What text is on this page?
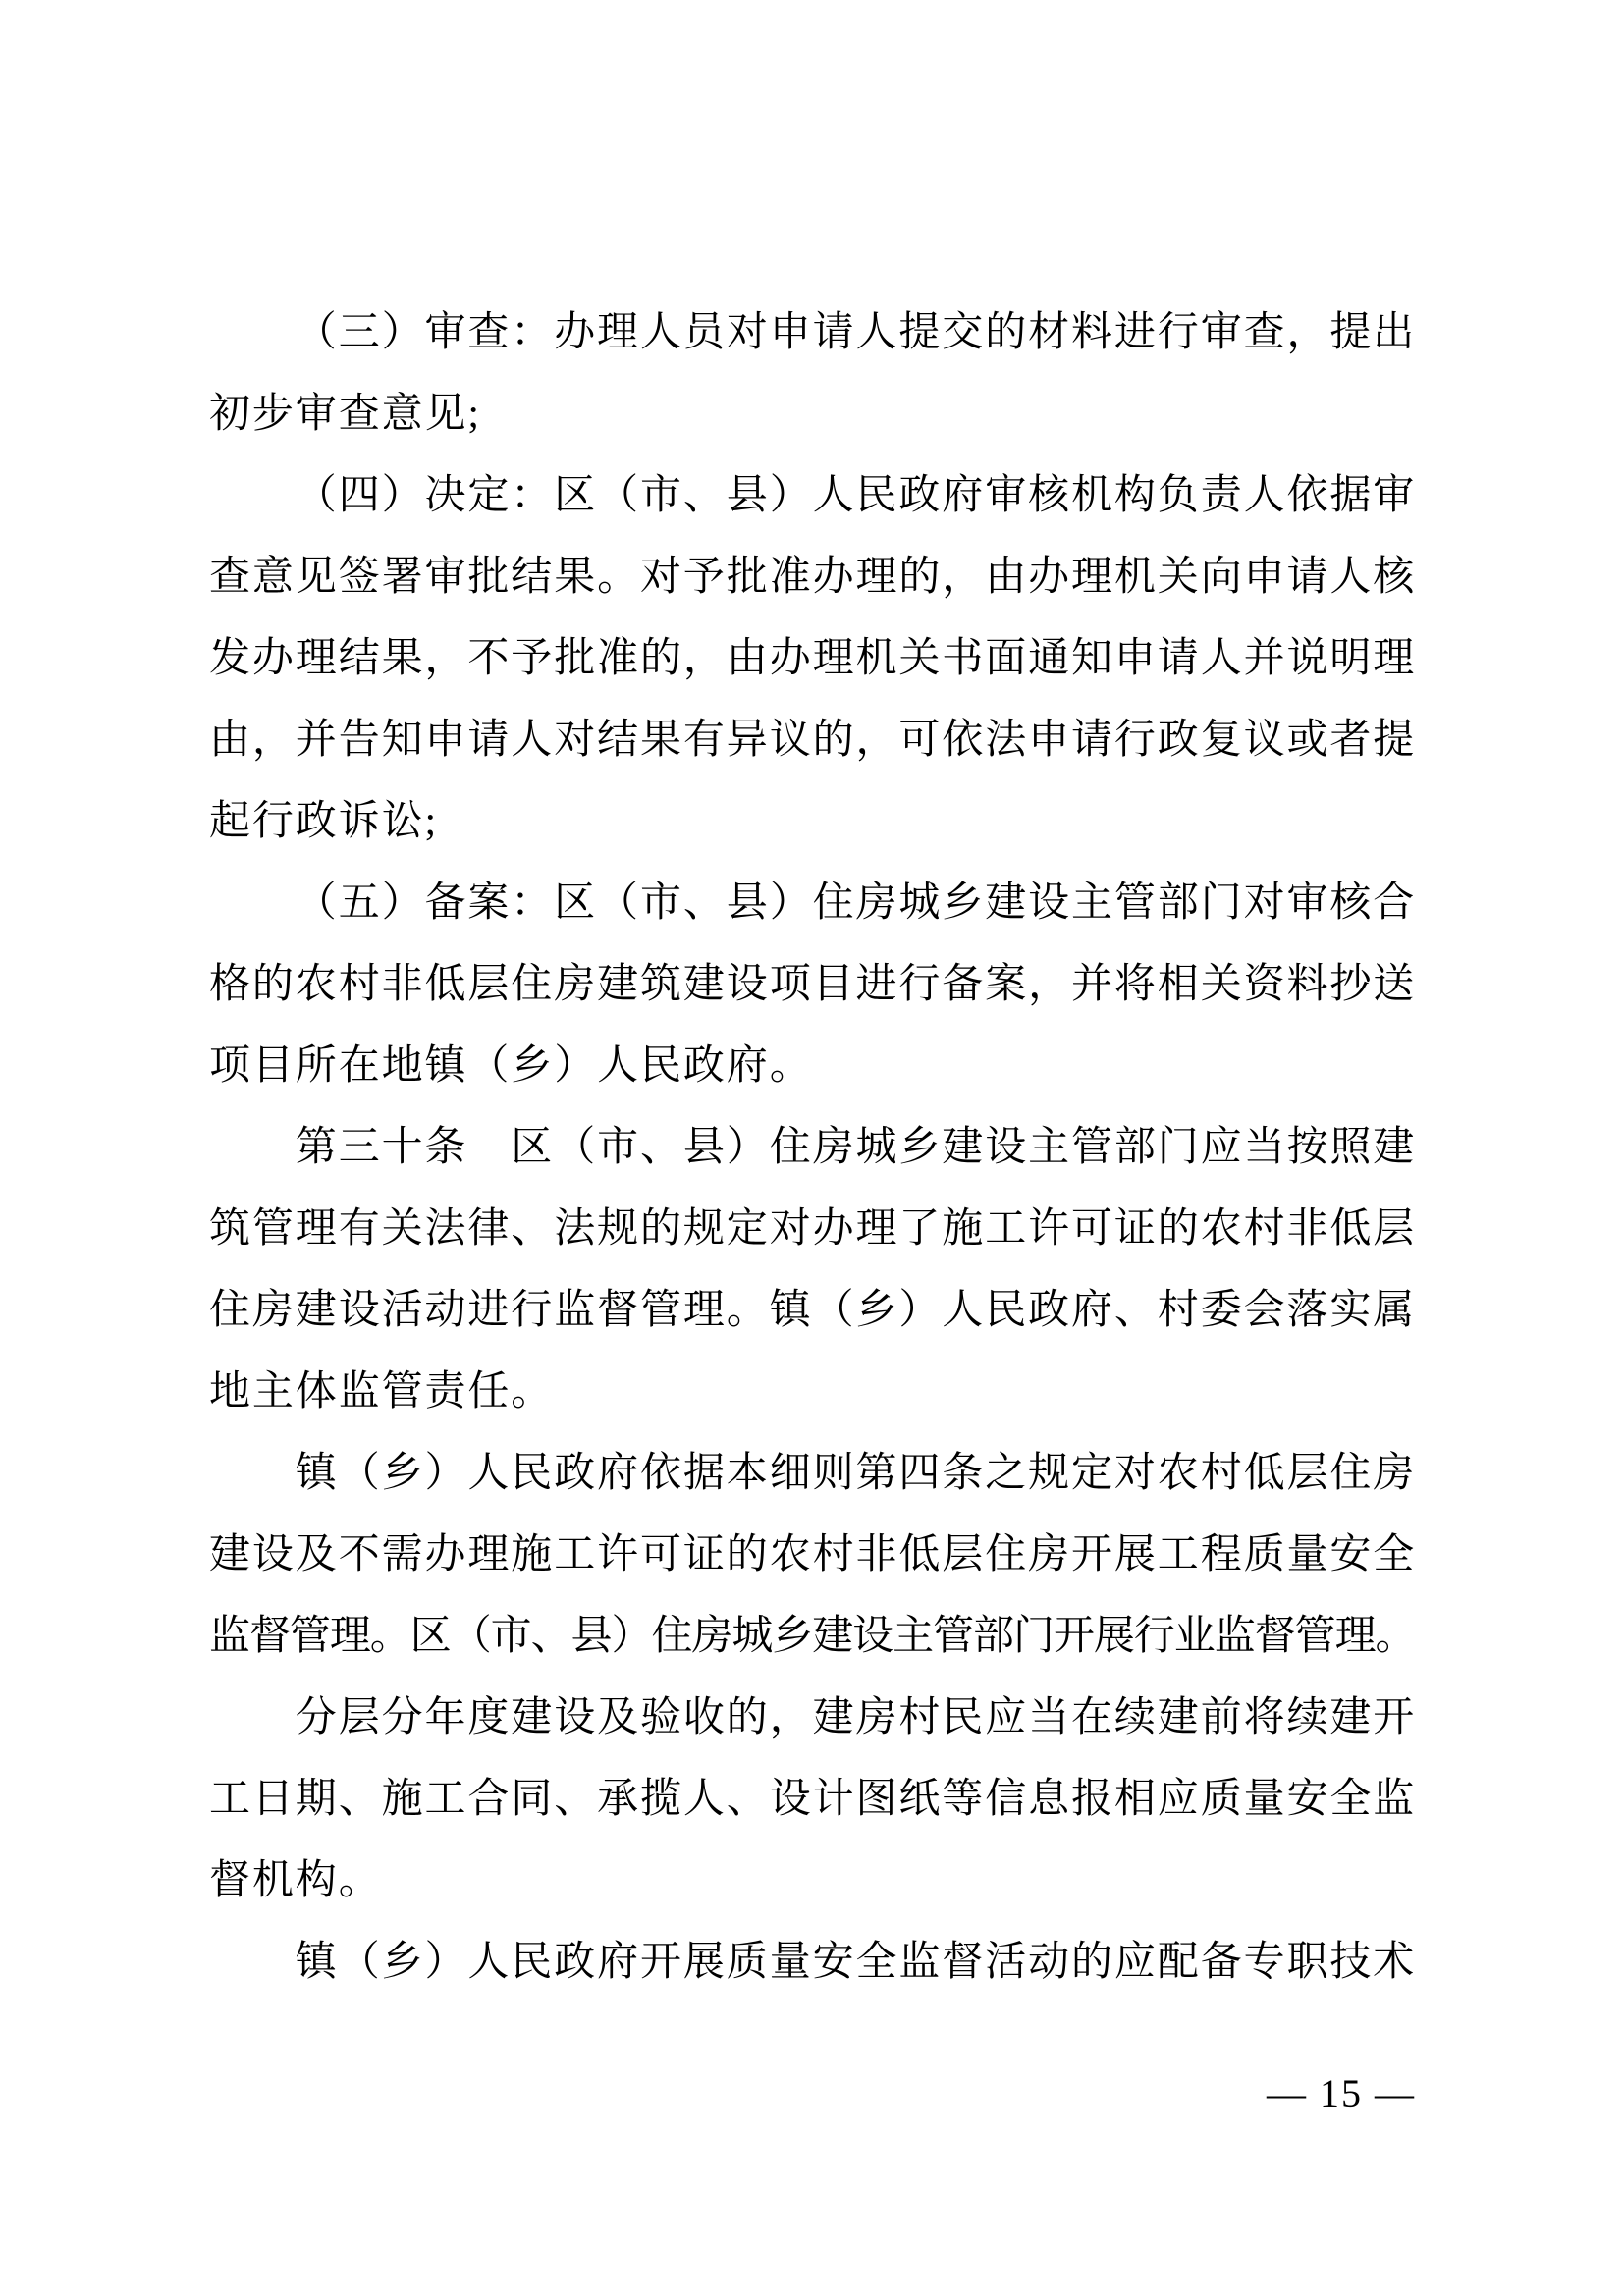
（三）审查：办理人员对申请人提交的材料进行审查，提出
初步审查意见;
（四）决定：区（市、县）人民政府审核机构负责人依据审
查意见签署审批结果。对予批准办理的，由办理机关向申请人核
发办理结果，不予批准的，由办理机关书面通知申请人并说明理
由，并告知申请人对结果有异议的，可依法申请行政复议或者提
起行政诉讼;
（五）备案：区（市、县）住房城乡建设主管部门对审核合
格的农村非低层住房建筑建设项目进行备案，并将相关资料抄送
项目所在地镇（乡）人民政府。
第三十条　区（市、县）住房城乡建设主管部门应当按照建
筑管理有关法律、法规的规定对办理了施工许可证的农村非低层
住房建设活动进行监督管理。镇（乡）人民政府、村委会落实属
地主体监管责任。
镇（乡）人民政府依据本细则第四条之规定对农村低层住房
建设及不需办理施工许可证的农村非低层住房开展工程质量安全
监督管理。区（市、县）住房城乡建设主管部门开展行业监督管理。
分层分年度建设及验收的，建房村民应当在续建前将续建开
工日期、施工合同、承揽人、设计图纸等信息报相应质量安全监
督机构。
镇（乡）人民政府开展质量安全监督活动的应配备专职技术
— 15 —
